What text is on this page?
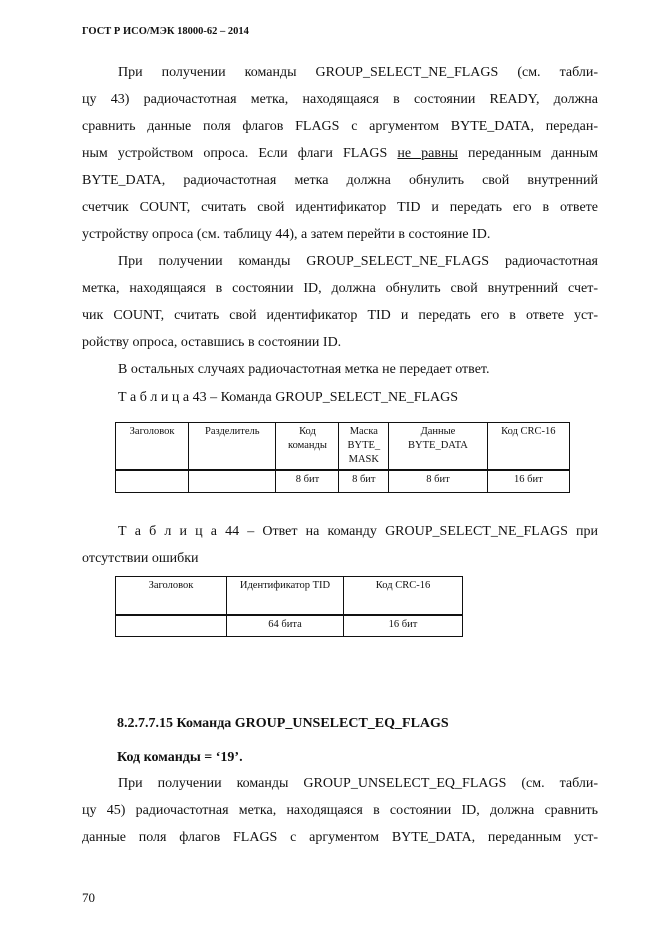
ГОСТ Р ИСО/МЭК 18000-62 – 2014
При получении команды GROUP_SELECT_NE_FLAGS (см. табли-
цу 43) радиочастотная метка, находящаяся в состоянии READY, должна
сравнить данные поля флагов FLAGS с аргументом BYTE_DATA, передан-
ным устройством опроса. Если флаги FLAGS не равны переданным данным
BYTE_DATA, радиочастотная метка должна обнулить свой внутренний
счетчик COUNT, считать свой идентификатор TID и передать его в ответе
устройству опроса (см. таблицу 44), а затем перейти в состояние ID.
При получении команды GROUP_SELECT_NE_FLAGS радиочастотная
метка, находящаяся в состоянии ID, должна обнулить свой внутренний счет-
чик COUNT, считать свой идентификатор TID и передать его в ответе уст-
ройству опроса, оставшись в состоянии ID.
В остальных случаях радиочастотная метка не передает ответ.
Т а б л и ц а 43 – Команда GROUP_SELECT_NE_FLAGS
Заголовок	Разделитель	Код команды	Маска BYTE_ MASK	Данные BYTE_DATA	Код CRC-16
		8 бит	8 бит	8 бит	16 бит
Т а б л и ц а 44 – Ответ на команду GROUP_SELECT_NE_FLAGS при
отсутствии ошибки
Заголовок	Идентификатор TID	Код CRC-16
	64 бита	16 бит
8.2.7.7.15 Команда GROUP_UNSELECT_EQ_FLAGS
Код команды = ‘19’.
При получении команды GROUP_UNSELECT_EQ_FLAGS (см. табли-
цу 45) радиочастотная метка, находящаяся в состоянии ID, должна сравнить
данные поля флагов FLAGS с аргументом BYTE_DATA, переданным уст-
70
